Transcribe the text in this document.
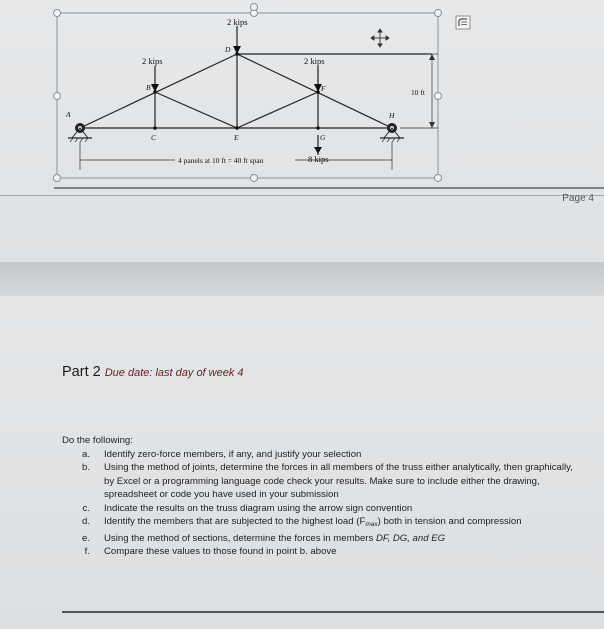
2 kips
2 kips	2 kips
8 kips
A
B
C
D
E
F
G
H
10 ft
4 panels at 10 ft = 40 ft span
Page 4
Part 2 Due date: last day of week 4
Do the following:
a.	Identify zero-force members, if any, and justify your selection
b.	Using the method of joints, determine the forces in all members of the truss either analytically, then graphically, by Excel or a programming language code check your results. Make sure to include either the drawing, spreadsheet or code you have used in your submission
c.	Indicate the results on the truss diagram using the arrow sign convention
d.	Identify the members that are subjected to the highest load $(F_{max})$ both in tension and compression
e.	Using the method of sections, determine the forces in members DF, DG, and EG
f.	Compare these values to those found in point b. above
